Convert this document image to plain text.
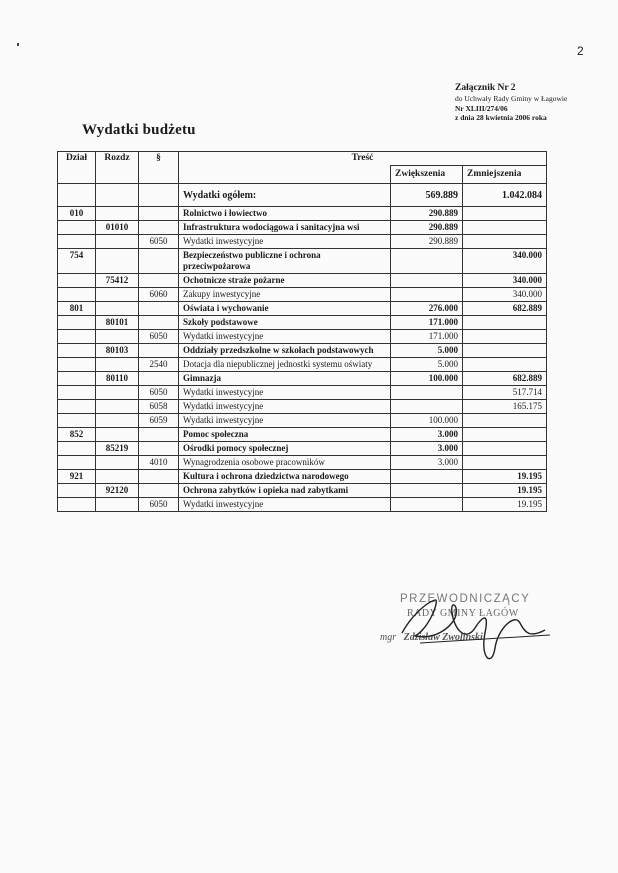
2
Załącznik Nr 2
do Uchwały Rady Gminy w Łagowie
Nr XLIII/274/06
z dnia 28 kwietnia 2006 roka
Wydatki budżetu
Dział	Rozdz	§	Treść		
				Zwiększenia	Zmniejszenia
			Wydatki ogółem:	569.889	1.042.084
010			Rolnictwo i łowiectwo	290.889	
	01010		Infrastruktura wodociągowa i sanitacyjna wsi	290.889	
		6050	Wydatki inwestycyjne	290.889	
754			Bezpieczeństwo publiczne i ochrona przeciwpożarowa		340.000
	75412		Ochotnicze straże pożarne		340.000
		6060	Zakupy inwestycyjne		340.000
801			Oświata i wychowanie	276.000	682.889
	80101		Szkoły podstawowe	171.000	
		6050	Wydatki inwestycyjne	171.000	
	80103		Oddziały przedszkolne w szkołach podstawowych	5.000	
		2540	Dotacja dla niepublicznej jednostki systemu oświaty	5.000	
	80110		Gimnazja	100.000	682.889
		6050	Wydatki inwestycyjne		517.714
		6058	Wydatki inwestycyjne		165.175
		6059	Wydatki inwestycyjne	100.000	
852			Pomoc społeczna	3.000	
	85219		Ośrodki pomocy społecznej	3.000	
		4010	Wynagrodzenia osobowe pracowników	3.000	
921			Kultura i ochrona dziedzictwa narodowego		19.195
	92120		Ochrona zabytków i opieka nad zabytkami		19.195
		6050	Wydatki inwestycyjne		19.195
PRZEWODNICZĄCY
RADY GMINY ŁAGÓW
mgr Zdzisław Zwoliński
